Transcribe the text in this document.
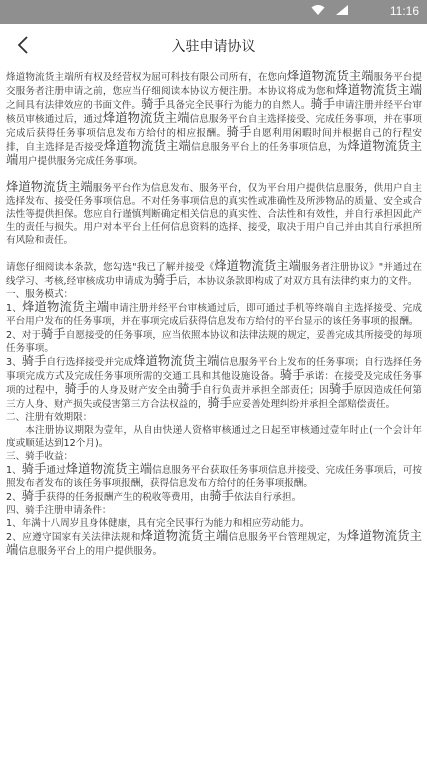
11:16
入驻申请协议

烽道物流货主端所有权及经营权为屈可科技有限公司所有，在您向烽道物流货主端服务平台提交服务者注册申请之前，您应当仔细阅读本协议方便注册。本协议将成为您和烽道物流货主端之间具有法律效应的书面文件。骑手具备完全民事行为能力的自然人。骑手申请注册并经平台审核员审核通过后，通过烽道物流货主端信息服务平台自主选择接受、完成任务事项，并在事项完成后获得任务事项信息发布方给付的相应报酬。骑手自愿利用闲暇时间并根据自己的行程安排，自主选择是否接受烽道物流货主端信息服务平台上的任务事项信息，为烽道物流货主端用户提供服务完成任务事项。

烽道物流货主端服务平台作为信息发布、服务平台，仅为平台用户提供信息服务，供用户自主选择发布、接受任务事项信息。不对任务事项信息的真实性或准确性及所涉物品的质量、安全或合法性等提供担保。您应自行谨慎判断确定相关信息的真实性、合法性和有效性，并自行承担因此产生的责任与损失。用户对本平台上任何信息资料的选择、接受，取决于用户自己并由其自行承担所有风险和责任。

请您仔细阅读本条款，您勾选"我已了解并接受《烽道物流货主端服务者注册协议》"并通过在线学习、考核,经审核成功申请成为骑手后，本协议条款即构成了对双方具有法律约束力的文件。

一、服务模式：
1、烽道物流货主端申请注册并经平台审核通过后，即可通过手机等终端自主选择接受、完成平台用户发布的任务事项，并在事项完成后获得信息发布方给付的平台显示的该任务事项的报酬。
2、对于骑手自愿接受的任务事项，应当依照本协议和法律法规的规定，妥善完成其所接受的每项任务事项。
3、骑手自行选择接受并完成烽道物流货主端信息服务平台上发布的任务事项；自行选择任务事项完成方式及完成任务事项所需的交通工具和其他设施设备。骑手承诺：在接受及完成任务事项的过程中，骑手的人身及财产安全由骑手自行负责并承担全部责任；因骑手原因造成任何第三方人身、财产损失或侵害第三方合法权益的，骑手应妥善处理纠纷并承担全部赔偿责任。
二、注册有效期限：
本注册协议期限为壹年，从自由快递人资格审核通过之日起至审核通过壹年时止(一个会计年度或顺延达到12个月)。
三、骑手收益：
1、骑手通过烽道物流货主端信息服务平台获取任务事项信息并接受、完成任务事项后，可按照发布者发布的该任务事项报酬，获得信息发布方给付的任务事项报酬。
2、骑手获得的任务报酬产生的税收等费用，由骑手依法自行承担。
四、骑手注册申请条件：
1、年满十八周岁且身体健康，具有完全民事行为能力和相应劳动能力。
2、应遵守国家有关法律法规和烽道物流货主端信息服务平台管理规定，为烽道物流货主端信息服务平台上的用户提供服务。
